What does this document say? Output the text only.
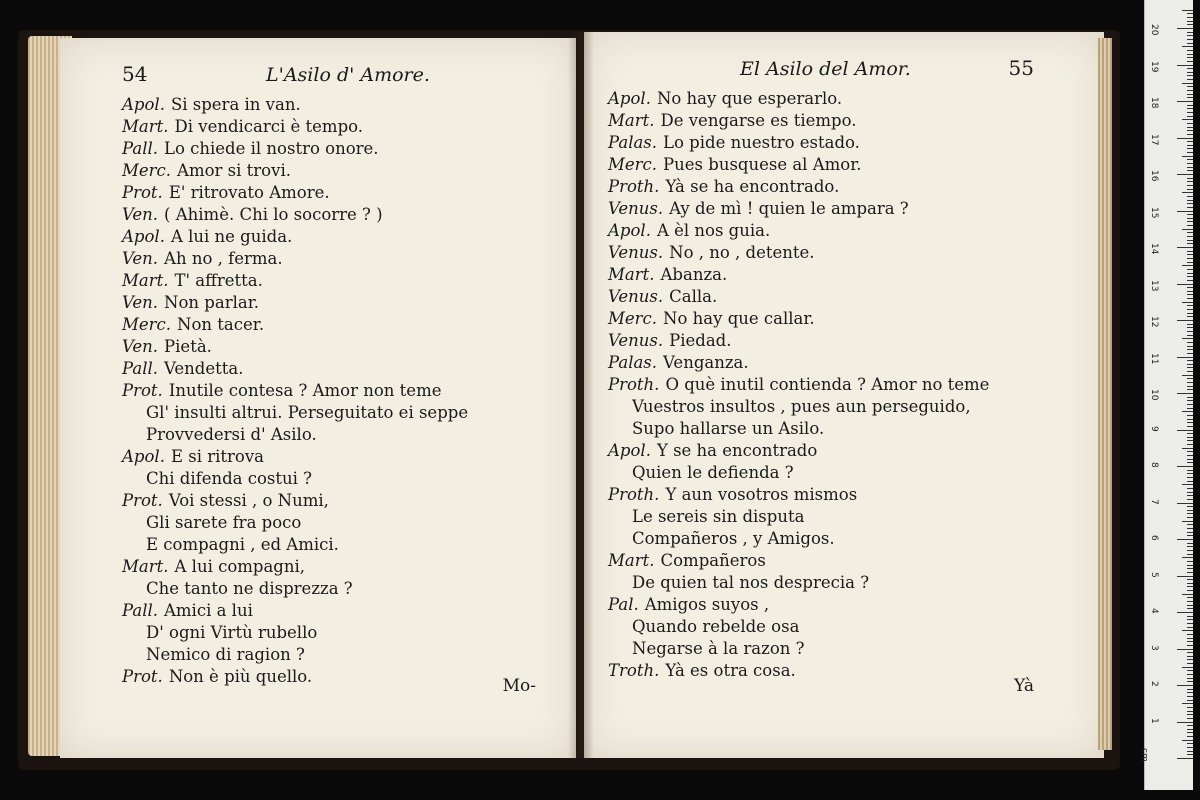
54	L'Asilo d' Amore.
Apol. Si spera in van.
Mart. Di vendicarci è tempo.
Pall. Lo chiede il nostro onore.
Merc. Amor si trovi.
Prot. E' ritrovato Amore.
Ven. ( Ahimè. Chi lo socorre ? )
Apol. A lui ne guida.
Ven. Ah no , ferma.
Mart. T' affretta.
Ven. Non parlar.
Merc. Non tacer.
Ven. Pietà.
Pall. Vendetta.
Prot. Inutile contesa ? Amor non teme
Gl' insulti altrui. Perseguitato ei seppe
Provvedersi d' Asilo.
Apol. E si ritrova
Chi difenda costui ?
Prot. Voi stessi , o Numi,
Gli sarete fra poco
E compagni , ed Amici.
Mart. A lui compagni,
Che tanto ne disprezza ?
Pall. Amici a lui
D' ogni Virtù rubello
Nemico di ragion ?
Prot. Non è più quello.	Mo-
El Asilo del Amor.	55
Apol. No hay que esperarlo.
Mart. De vengarse es tiempo.
Palas. Lo pide nuestro estado.
Merc. Pues busquese al Amor.
Proth. Yà se ha encontrado.
Venus. Ay de mì ! quien le ampara ?
Apol. A èl nos guia.
Venus. No , no , detente.
Mart. Abanza.
Venus. Calla.
Merc. No hay que callar.
Venus. Piedad.
Palas. Venganza.
Proth. O què inutil contienda ? Amor no teme
Vuestros insultos , pues aun perseguido,
Supo hallarse un Asilo.
Apol. Y se ha encontrado
Quien le defienda ?
Proth. Y aun vosotros mismos
Le sereis sin disputa
Compañeros , y Amigos.
Mart. Compañeros
De quien tal nos desprecia ?
Pal. Amigos suyos ,
Quando rebelde osa
Negarse à la razon ?
Troth. Yà es otra cosa.
Yà
cm
1
2
3
4
5
6
7
8
9
10
11
12
13
14
15
16
17
18
19
20
